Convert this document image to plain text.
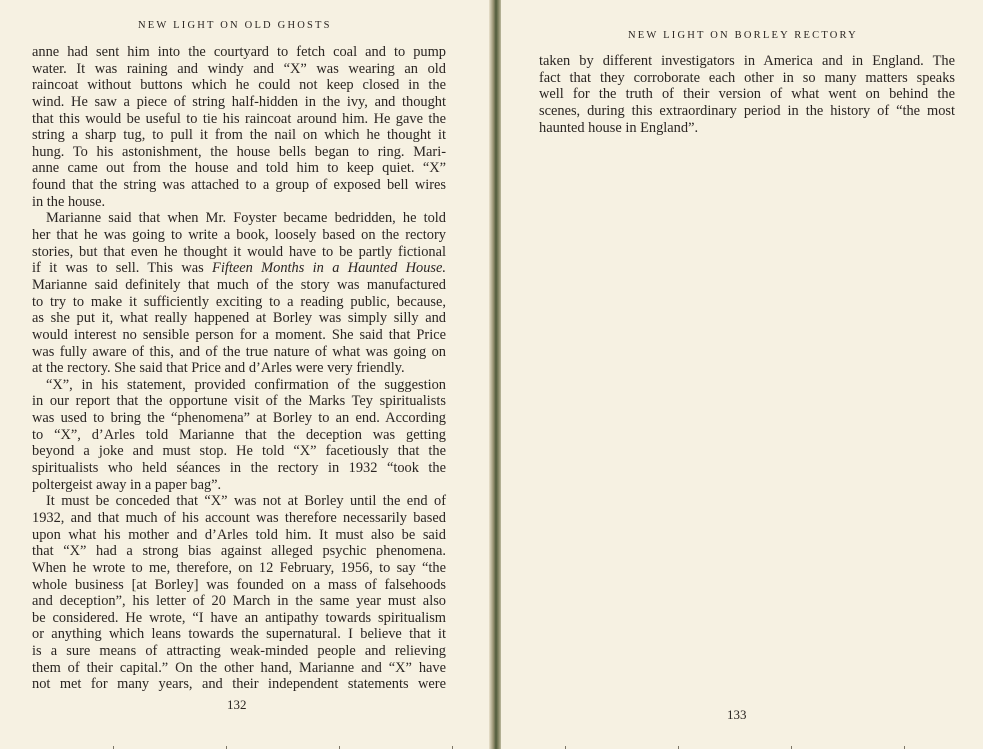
NEW LIGHT ON OLD GHOSTS
anne had sent him into the courtyard to fetch coal and to pump
water. It was raining and windy and “X” was wearing an old
raincoat without buttons which he could not keep closed in the
wind. He saw a piece of string half-hidden in the ivy, and thought
that this would be useful to tie his raincoat around him. He gave the
string a sharp tug, to pull it from the nail on which he thought it
hung. To his astonishment, the house bells began to ring. Mari-
anne came out from the house and told him to keep quiet. “X”
found that the string was attached to a group of exposed bell wires
in the house.
Marianne said that when Mr. Foyster became bedridden, he told
her that he was going to write a book, loosely based on the rectory
stories, but that even he thought it would have to be partly fictional
if it was to sell. This was Fifteen Months in a Haunted House.
Marianne said definitely that much of the story was manufactured
to try to make it sufficiently exciting to a reading public, because,
as she put it, what really happened at Borley was simply silly and
would interest no sensible person for a moment. She said that Price
was fully aware of this, and of the true nature of what was going on
at the rectory. She said that Price and d’Arles were very friendly.
“X”, in his statement, provided confirmation of the suggestion
in our report that the opportune visit of the Marks Tey spiritualists
was used to bring the “phenomena” at Borley to an end. According
to “X”, d’Arles told Marianne that the deception was getting
beyond a joke and must stop. He told “X” facetiously that the
spiritualists who held séances in the rectory in 1932 “took the
poltergeist away in a paper bag”.
It must be conceded that “X” was not at Borley until the end of
1932, and that much of his account was therefore necessarily based
upon what his mother and d’Arles told him. It must also be said
that “X” had a strong bias against alleged psychic phenomena.
When he wrote to me, therefore, on 12 February, 1956, to say “the
whole business [at Borley] was founded on a mass of falsehoods
and deception”, his letter of 20 March in the same year must also
be considered. He wrote, “I have an antipathy towards spiritualism
or anything which leans towards the supernatural. I believe that it
is a sure means of attracting weak-minded people and relieving
them of their capital.” On the other hand, Marianne and “X” have
not met for many years, and their independent statements were
132
NEW LIGHT ON BORLEY RECTORY
taken by different investigators in America and in England. The
fact that they corroborate each other in so many matters speaks
well for the truth of their version of what went on behind the
scenes, during this extraordinary period in the history of “the most
haunted house in England”.
133
